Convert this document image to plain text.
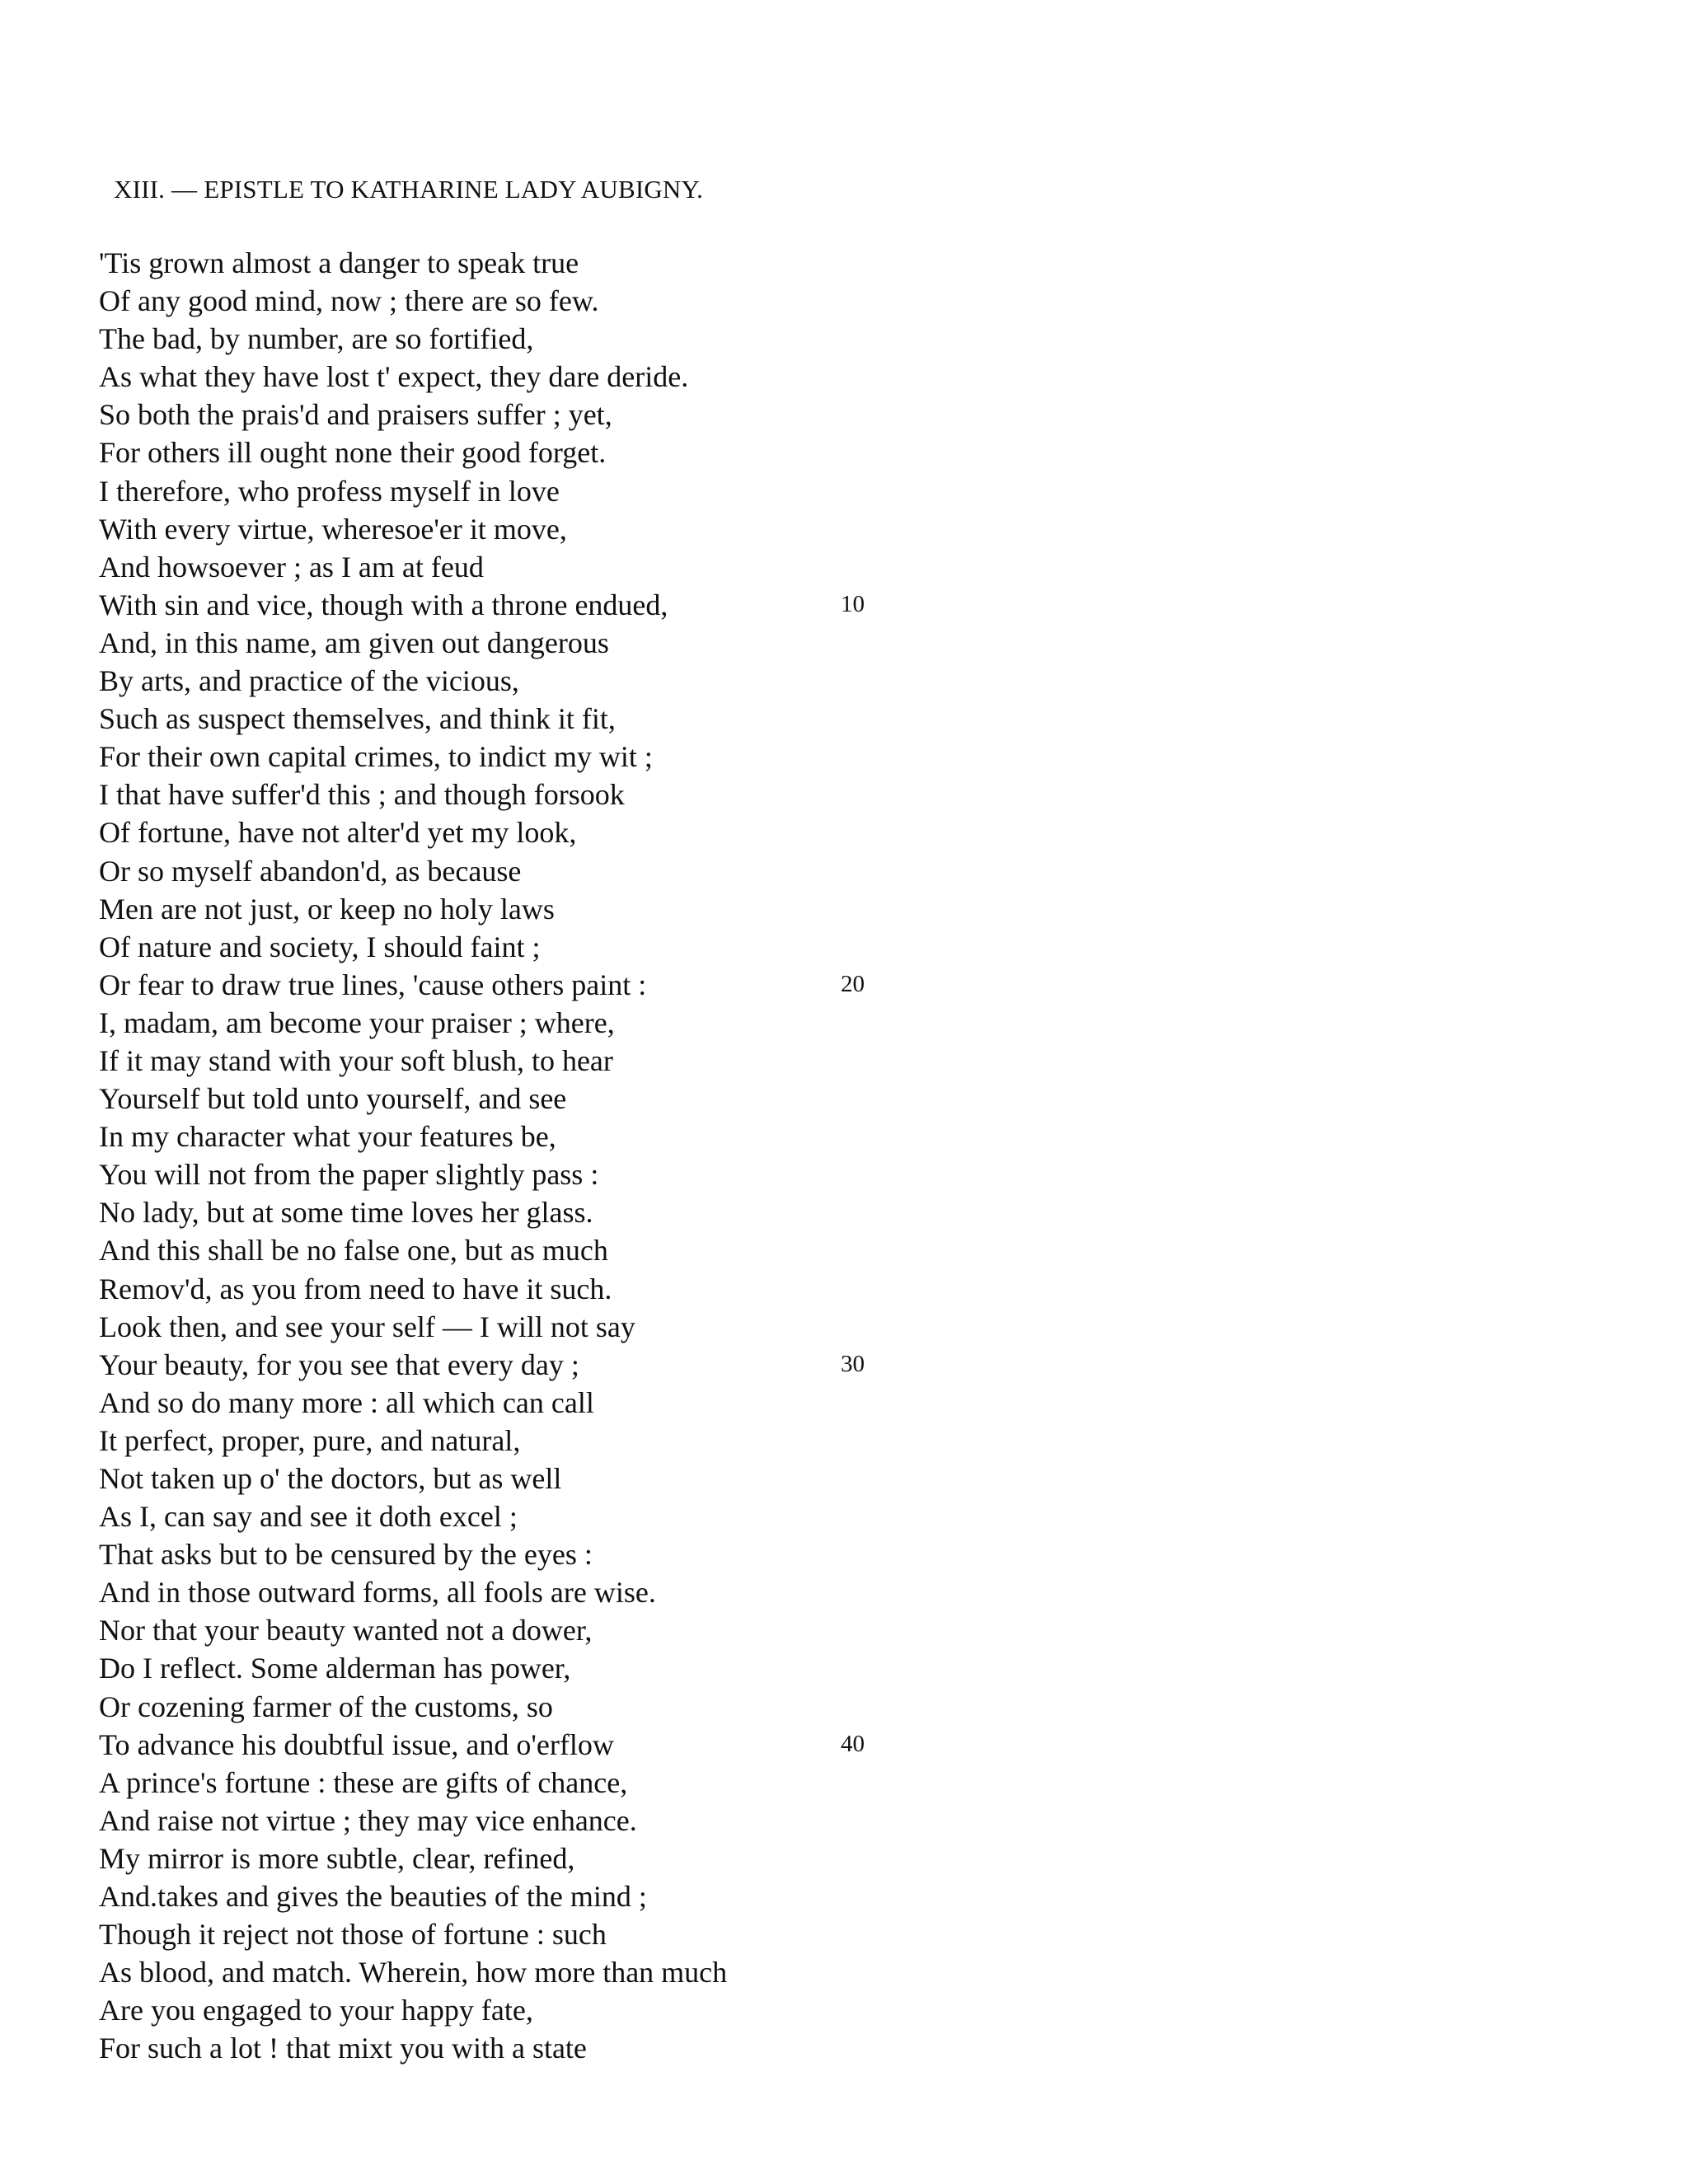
XIII. — EPISTLE TO KATHARINE LADY AUBIGNY.
'Tis grown almost a danger to speak true
Of any good mind, now ; there are so few.
The bad, by number, are so fortified,
As what they have lost t' expect, they dare deride.
So both the prais'd and praisers suffer ; yet,
For others ill ought none their good forget.
I therefore, who profess myself in love
With every virtue, wheresoe'er it move,
And howsoever ; as I am at feud
With sin and vice, though with a throne endued,	10
And, in this name, am given out dangerous
By arts, and practice of the vicious,
Such as suspect themselves, and think it fit,
For their own capital crimes, to indict my wit ;
I that have suffer'd this ; and though forsook
Of fortune, have not alter'd yet my look,
Or so myself abandon'd, as because
Men are not just, or keep no holy laws
Of nature and society, I should faint ;
Or fear to draw true lines, 'cause others paint :	20
I, madam, am become your praiser ; where,
If it may stand with your soft blush, to hear
Yourself but told unto yourself, and see
In my character what your features be,
You will not from the paper slightly pass :
No lady, but at some time loves her glass.
And this shall be no false one, but as much
Remov'd, as you from need to have it such.
Look then, and see your self — I will not say
Your beauty, for you see that every day ;	30
And so do many more : all which can call
It perfect, proper, pure, and natural,
Not taken up o' the doctors, but as well
As I, can say and see it doth excel ;
That asks but to be censured by the eyes :
And in those outward forms, all fools are wise.
Nor that your beauty wanted not a dower,
Do I reflect. Some alderman has power,
Or cozening farmer of the customs, so
To advance his doubtful issue, and o'erflow	40
A prince's fortune : these are gifts of chance,
And raise not virtue ; they may vice enhance.
My mirror is more subtle, clear, refined,
And.takes and gives the beauties of the mind ;
Though it reject not those of fortune : such
As blood, and match. Wherein, how more than much
Are you engaged to your happy fate,
For such a lot ! that mixt you with a state
